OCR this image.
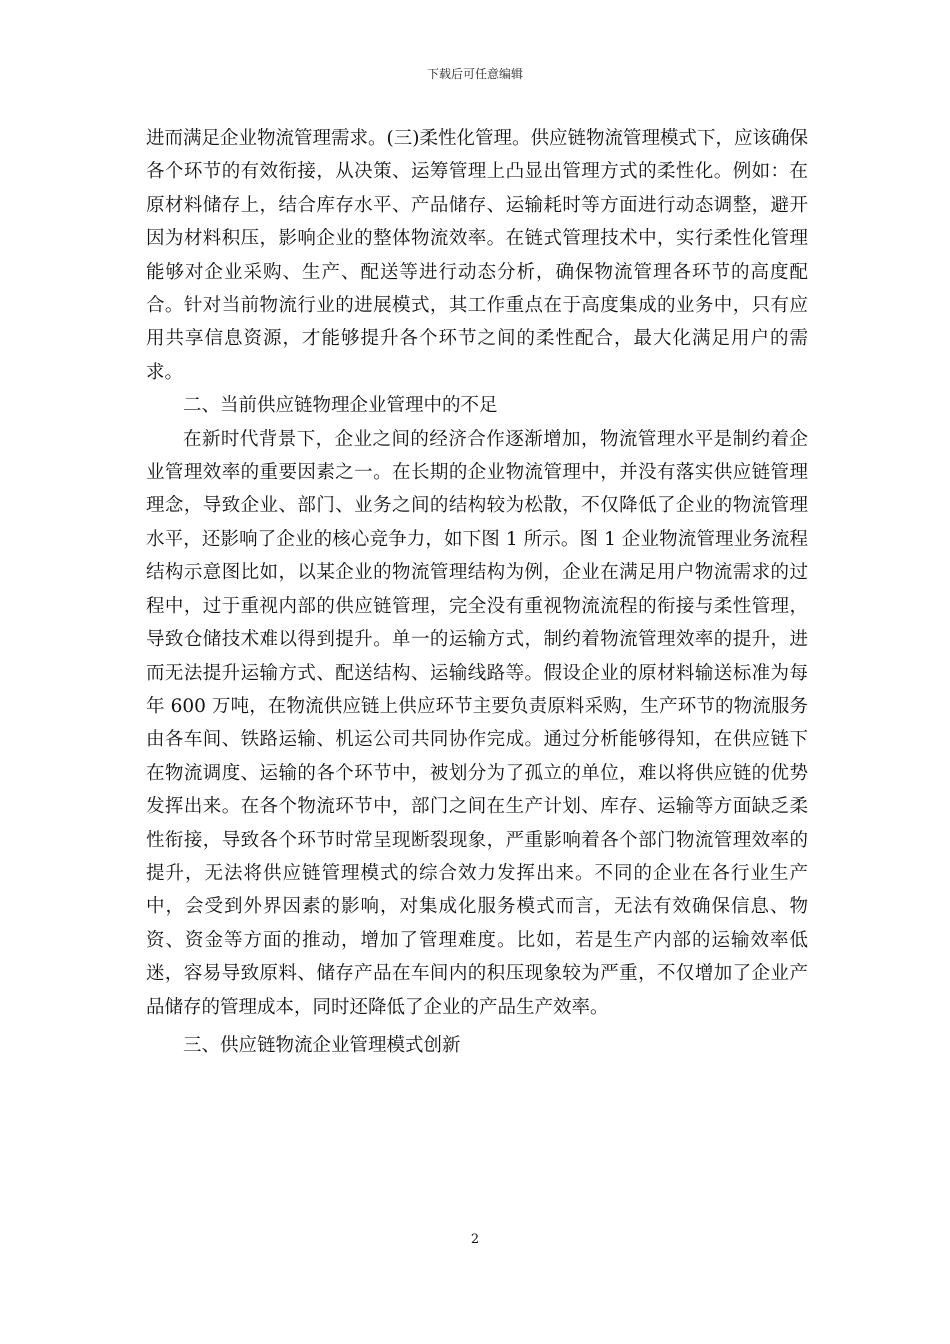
下载后可任意编辑

进而满足企业物流管理需求。(三)柔性化管理。供应链物流管理模式下，应该确保各个环节的有效衔接，从决策、运筹管理上凸显出管理方式的柔性化。例如：在原材料储存上，结合库存水平、产品储存、运输耗时等方面进行动态调整，避开因为材料积压，影响企业的整体物流效率。在链式管理技术中，实行柔性化管理能够对企业采购、生产、配送等进行动态分析，确保物流管理各环节的高度配合。针对当前物流行业的进展模式，其工作重点在于高度集成的业务中，只有应用共享信息资源，才能够提升各个环节之间的柔性配合，最大化满足用户的需求。

二、当前供应链物理企业管理中的不足

在新时代背景下，企业之间的经济合作逐渐增加，物流管理水平是制约着企业管理效率的重要因素之一。在长期的企业物流管理中，并没有落实供应链管理理念，导致企业、部门、业务之间的结构较为松散，不仅降低了企业的物流管理水平，还影响了企业的核心竞争力，如下图 1 所示。图 1 企业物流管理业务流程结构示意图比如，以某企业的物流管理结构为例，企业在满足用户物流需求的过程中，过于重视内部的供应链管理，完全没有重视物流流程的衔接与柔性管理，导致仓储技术难以得到提升。单一的运输方式，制约着物流管理效率的提升，进而无法提升运输方式、配送结构、运输线路等。假设企业的原材料输送标准为每年 600 万吨，在物流供应链上供应环节主要负责原料采购，生产环节的物流服务由各车间、铁路运输、机运公司共同协作完成。通过分析能够得知，在供应链下在物流调度、运输的各个环节中，被划分为了孤立的单位，难以将供应链的优势发挥出来。在各个物流环节中，部门之间在生产计划、库存、运输等方面缺乏柔性衔接，导致各个环节时常呈现断裂现象，严重影响着各个部门物流管理效率的提升，无法将供应链管理模式的综合效力发挥出来。不同的企业在各行业生产中，会受到外界因素的影响，对集成化服务模式而言，无法有效确保信息、物资、资金等方面的推动，增加了管理难度。比如，若是生产内部的运输效率低迷，容易导致原料、储存产品在车间内的积压现象较为严重，不仅增加了企业产品储存的管理成本，同时还降低了企业的产品生产效率。

三、供应链物流企业管理模式创新

2
